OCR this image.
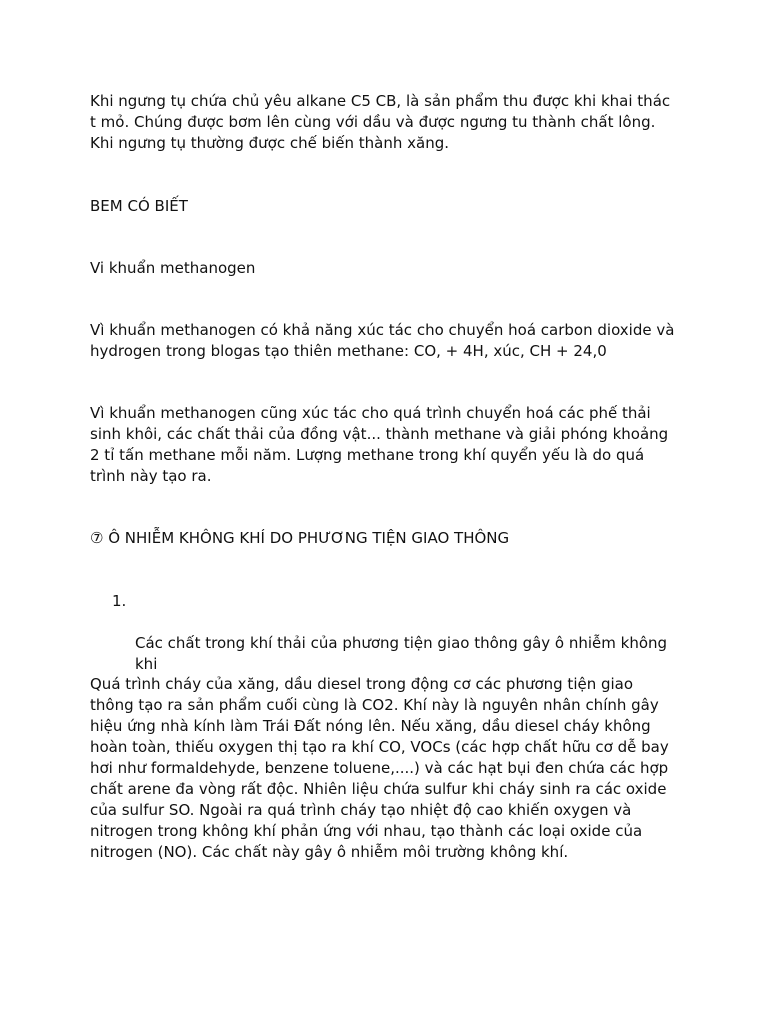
Khi ngưng tụ chứa chủ yêu alkane C5 CB, là sản phẩm thu được khi khai thác
t mỏ. Chúng được bơm lên cùng với dầu và được ngưng tu thành chất lông.
Khi ngưng tụ thường được chế biến thành xăng.

BEM CÓ BIẾT

Vi khuẩn methanogen

Vì khuẩn methanogen có khả năng xúc tác cho chuyển hoá carbon dioxide và
hydrogen trong blogas tạo thiên methane: CO, + 4H, xúc, CH + 24,0

Vì khuẩn methanogen cũng xúc tác cho quá trình chuyển hoá các phế thải
sinh khôi, các chất thải của đồng vật... thành methane và giải phóng khoảng
2 tỉ tấn methane mỗi năm. Lượng methane trong khí quyển yếu là do quá
trình này tạo ra.

⑦ Ô NHIỄM KHÔNG KHÍ DO PHƯƠNG TIỆN GIAO THÔNG

1.

Các chất trong khí thải của phương tiện giao thông gây ô nhiễm không
khi

Quá trình cháy của xăng, dầu diesel trong động cơ các phương tiện giao
thông tạo ra sản phẩm cuối cùng là CO2. Khí này là nguyên nhân chính gây
hiệu ứng nhà kính làm Trái Đất nóng lên. Nếu xăng, dầu diesel cháy không
hoàn toàn, thiếu oxygen thị tạo ra khí CO, VOCs (các hợp chất hữu cơ dễ bay
hơi như formaldehyde, benzene toluene,....) và các hạt bụi đen chứa các hợp
chất arene đa vòng rất độc. Nhiên liệu chứa sulfur khi cháy sinh ra các oxide
của sulfur SO. Ngoài ra quá trình cháy tạo nhiệt độ cao khiến oxygen và
nitrogen trong không khí phản ứng với nhau, tạo thành các loại oxide của
nitrogen (NO). Các chất này gây ô nhiễm môi trường không khí.
